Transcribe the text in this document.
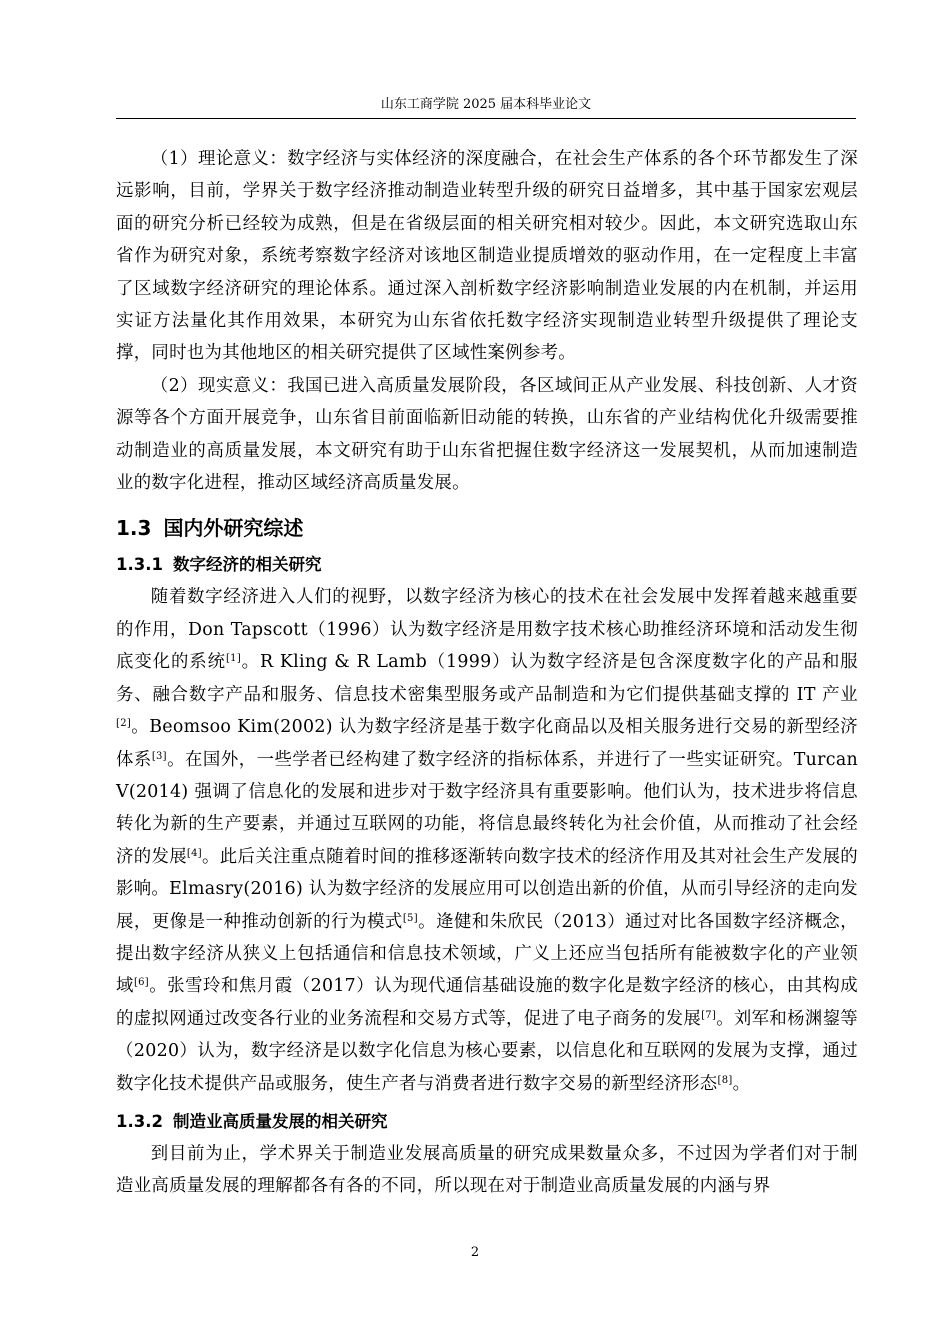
山东工商学院 2025 届本科毕业论文

（1）理论意义：数字经济与实体经济的深度融合，在社会生产体系的各个环节都发生了深远影响，目前，学界关于数字经济推动制造业转型升级的研究日益增多，其中基于国家宏观层面的研究分析已经较为成熟，但是在省级层面的相关研究相对较少。因此，本文研究选取山东省作为研究对象，系统考察数字经济对该地区制造业提质增效的驱动作用，在一定程度上丰富了区域数字经济研究的理论体系。通过深入剖析数字经济影响制造业发展的内在机制，并运用实证方法量化其作用效果，本研究为山东省依托数字经济实现制造业转型升级提供了理论支撑，同时也为其他地区的相关研究提供了区域性案例参考。

（2）现实意义：我国已进入高质量发展阶段，各区域间正从产业发展、科技创新、人才资源等各个方面开展竞争，山东省目前面临新旧动能的转换，山东省的产业结构优化升级需要推动制造业的高质量发展，本文研究有助于山东省把握住数字经济这一发展契机，从而加速制造业的数字化进程，推动区域经济高质量发展。

1.3 国内外研究综述
1.3.1 数字经济的相关研究

随着数字经济进入人们的视野，以数字经济为核心的技术在社会发展中发挥着越来越重要的作用，Don Tapscott（1996）认为数字经济是用数字技术核心助推经济环境和活动发生彻底变化的系统[1]。R Kling & R Lamb（1999）认为数字经济是包含深度数字化的产品和服务、融合数字产品和服务、信息技术密集型服务或产品制造和为它们提供基础支撑的 IT 产业[2]。Beomsoo Kim(2002) 认为数字经济是基于数字化商品以及相关服务进行交易的新型经济体系[3]。在国外，一些学者已经构建了数字经济的指标体系，并进行了一些实证研究。Turcan V(2014) 强调了信息化的发展和进步对于数字经济具有重要影响。他们认为，技术进步将信息转化为新的生产要素，并通过互联网的功能，将信息最终转化为社会价值，从而推动了社会经济的发展[4]。此后关注重点随着时间的推移逐渐转向数字技术的经济作用及其对社会生产发展的影响。Elmasry(2016) 认为数字经济的发展应用可以创造出新的价值，从而引导经济的走向发展，更像是一种推动创新的行为模式[5]。逄健和朱欣民（2013）通过对比各国数字经济概念，提出数字经济从狭义上包括通信和信息技术领域，广义上还应当包括所有能被数字化的产业领域[6]。张雪玲和焦月霞（2017）认为现代通信基础设施的数字化是数字经济的核心，由其构成的虚拟网通过改变各行业的业务流程和交易方式等，促进了电子商务的发展[7]。刘军和杨渊鋆等（2020）认为，数字经济是以数字化信息为核心要素，以信息化和互联网的发展为支撑，通过数字化技术提供产品或服务，使生产者与消费者进行数字交易的新型经济形态[8]。

1.3.2 制造业高质量发展的相关研究

到目前为止，学术界关于制造业发展高质量的研究成果数量众多，不过因为学者们对于制造业高质量发展的理解都各有各的不同，所以现在对于制造业高质量发展的内涵与界

2
